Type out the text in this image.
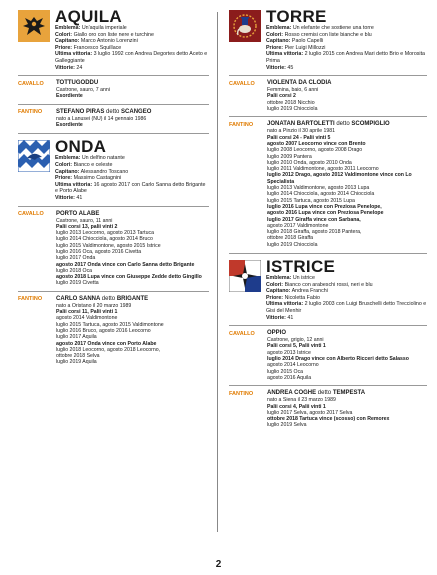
AQUILA
Emblema: Un'aquila imperiale
Colori: Giallo oro con liste nere e turchine
Capitano: Marco Antonio Lorenzini
Priore: Francesco Squillace
Ultima vittoria: 3 luglio 1992 con Andrea Degortes detto Aceto e Galleggiante
Vittorie: 24
CAVALLO	TOTTUGODDU
Castrone, sauro, 7 anni
Esordiente
FANTINO	STEFANO PIRAS detto SCANGEO
nato a Lanusei (NU) il 14 gennaio 1986
Esordiente
ONDA
Emblema: Un delfino natante
Colori: Bianco e celeste
Capitano: Alessandro Toscano
Priore: Massimo Castagnini
Ultima vittoria: 16 agosto 2017 con Carlo Sanna detto Brigante e Porto Alabe
Vittorie: 41
CAVALLO	PORTO ALABE
Castrone, sauro, 11 anni
Palii corsi 13, palii vinti 2
luglio 2013 Leocorno, agosto 2013 Tartuca
luglio 2014 Chiocciola, agosto 2014 Bruco
luglio 2015 Valdimontone, agosto 2015 Istrice
luglio 2016 Oca, agosto 2016 Civetta
luglio 2017 Onda
agosto 2017 Onda vince con Carlo Sanna detto Brigante
luglio 2018 Oca
agosto 2018 Lupa vince con Giuseppe Zedde detto Gingillo
luglio 2019 Civetta
FANTINO	CARLO SANNA detto BRIGANTE
nato a Oristano il 20 marzo 1989
Palii corsi 11, Palii vinti 1
agosto 2014 Valdimontone
luglio 2015 Tartuca, agosto 2015 Valdimontone
luglio 2016 Bruco, agosto 2016 Leocorno
luglio 2017 Aquila
agosto 2017 Onda vince con Porto Alabe
luglio 2018 Leocorno, agosto 2018 Leocorno,
ottobre 2018 Selva
luglio 2019 Aquila
TORRE
Emblema: Un elefante che sostiene una torre
Colori: Rosso cremisi con liste bianche e blu
Capitano: Paolo Capelli
Priore: Pier Luigi Millozzi
Ultima vittoria: 2 luglio 2015 con Andrea Mari detto Brio e Morosita Prima
Vittorie: 45
CAVALLO	VIOLENTA DA CLODIA
Femmina, baio, 6 anni
Palii corsi 2
ottobre 2018 Nicchio
luglio 2019 Chiocciola
FANTINO	JONATAN BARTOLETTI detto SCOMPIGLIO
nato a Pinzio il 30 aprile 1981
Palii corsi 24 - Palii vinti 5
agosto 2007 Leocorno vince con Brento
luglio 2008 Leocorno, agosto 2008 Drago
luglio 2009 Pantera
luglio 2010 Onda, agosto 2010 Onda
luglio 2011 Valdimontone, agosto 2011 Leocorno
luglio 2012 Drago, agosto 2012 Valdimontone vince con Lo Specialista
luglio 2013 Valdimontone, agosto 2013 Lupa
luglio 2014 Chiocciola, agosto 2014 Chiocciola
luglio 2015 Tartuca, agosto 2015 Lupa
luglio 2016 Lupa vince con Preziosa Penelope,
agosto 2016 Lupa vince con Preziosa Penelope
luglio 2017 Giraffa vince con Sarbana,
agosto 2017 Valdimontone
luglio 2018 Giraffa, agosto 2018 Pantera,
ottobre 2018 Giraffa
luglio 2019 Chiocciola
ISTRICE
Emblema: Un istrice
Colori: Bianco con arabeschi rossi, neri e blu
Capitano: Andrea Franchi
Priore: Nicoletta Fabio
Ultima vittoria: 2 luglio 2003 con Luigi Bruschelli detto Trecciolino e Gisi del Menhir
Vittorie: 41
CAVALLO	OPPIO
Castrone, grigio, 12 anni
Palii corsi 5, Palii vinti 1
agosto 2013 Istrice
luglio 2014 Drago vince con Alberto Ricceri detto Salasso
agosto 2014 Leocorno
luglio 2015 Oca
agosto 2016 Aquila
FANTINO	ANDREA COGHE detto TEMPESTA
nato a Siena il 23 marzo 1989
Palii corsi 4, Palii vinti 1
luglio 2017 Selva, agosto 2017 Selva
ottobre 2018 Tartuca vince (scosso) con Remorex
luglio 2019 Selva
2
